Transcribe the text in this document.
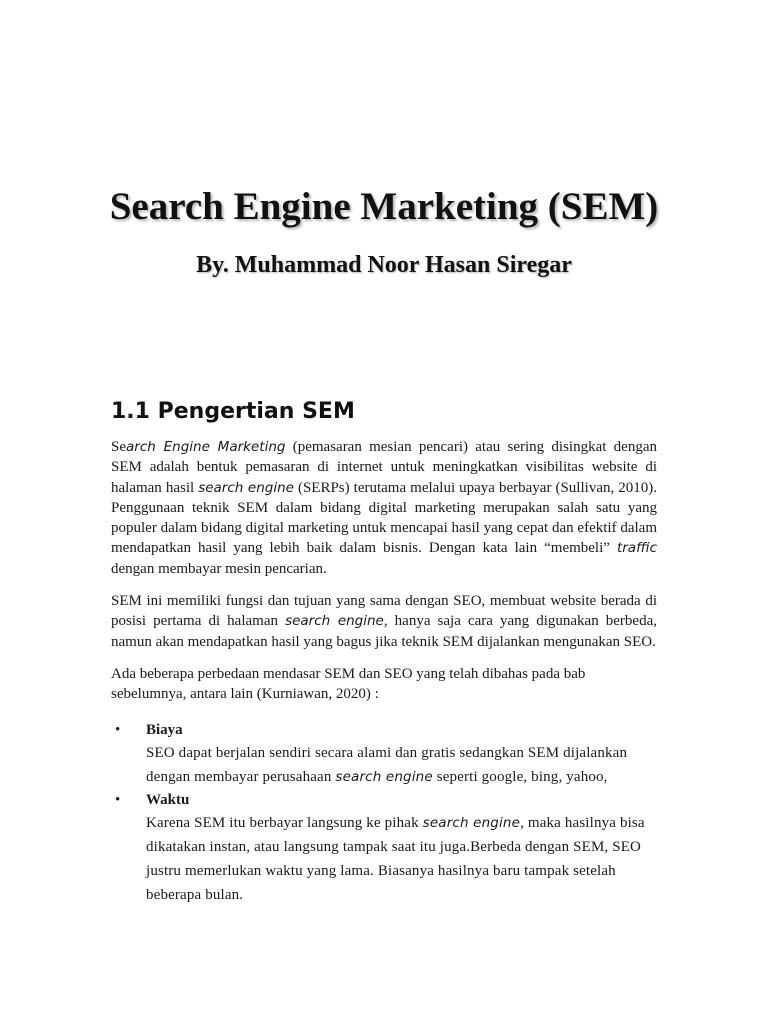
Search Engine Marketing (SEM)
By. Muhammad Noor Hasan Siregar
1.1 Pengertian SEM

Search Engine Marketing (pemasaran mesian pencari) atau sering disingkat dengan SEM adalah bentuk pemasaran di internet untuk meningkatkan visibilitas website di halaman hasil search engine (SERPs) terutama melalui upaya berbayar (Sullivan, 2010). Penggunaan teknik SEM dalam bidang digital marketing merupakan salah satu yang populer dalam bidang digital marketing untuk mencapai hasil yang cepat dan efektif dalam mendapatkan hasil yang lebih baik dalam bisnis. Dengan kata lain “membeli” traffic dengan membayar mesin pencarian.

SEM ini memiliki fungsi dan tujuan yang sama dengan SEO, membuat website berada di posisi pertama di halaman search engine, hanya saja cara yang digunakan berbeda, namun akan mendapatkan hasil yang bagus jika teknik SEM dijalankan mengunakan SEO.

Ada beberapa perbedaan mendasar SEM dan SEO yang telah dibahas pada bab sebelumnya, antara lain (Kurniawan, 2020) :

• Biaya

SEO dapat berjalan sendiri secara alami dan gratis sedangkan SEM dijalankan dengan membayar perusahaan search engine seperti google, bing, yahoo,

• Waktu

Karena SEM itu berbayar langsung ke pihak search engine, maka hasilnya bisa dikatakan instan, atau langsung tampak saat itu juga.Berbeda dengan SEM, SEO justru memerlukan waktu yang lama. Biasanya hasilnya baru tampak setelah beberapa bulan.
